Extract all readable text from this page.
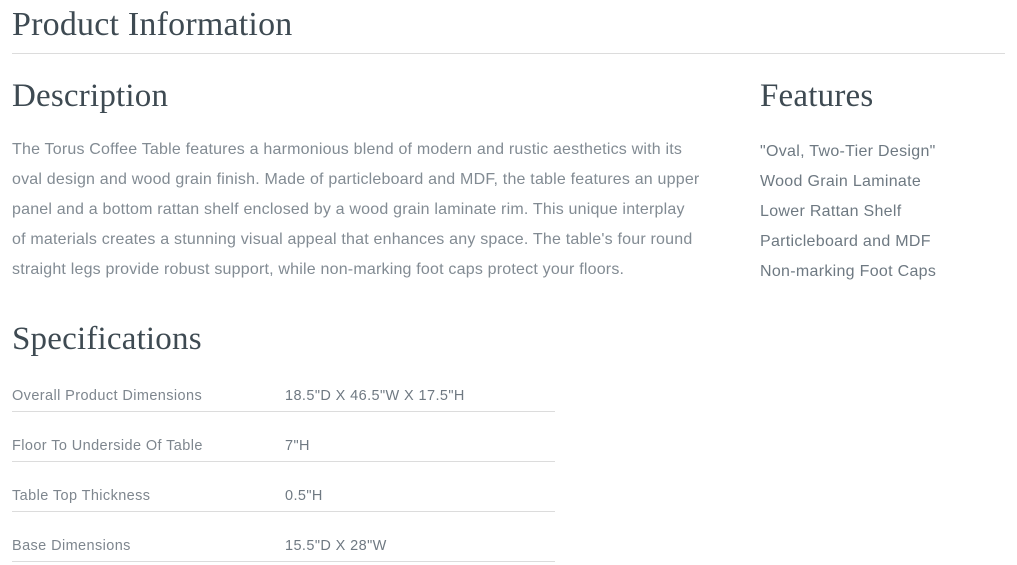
Product Information
Description

The Torus Coffee Table features a harmonious blend of modern and rustic aesthetics with its oval design and wood grain finish. Made of particleboard and MDF, the table features an upper panel and a bottom rattan shelf enclosed by a wood grain laminate rim. This unique interplay of materials creates a stunning visual appeal that enhances any space. The table's four round straight legs provide robust support, while non-marking foot caps protect your floors.

Features
"Oval, Two-Tier Design"
Wood Grain Laminate
Lower Rattan Shelf
Particleboard and MDF
Non-marking Foot Caps
Specifications
Overall Product Dimensions	18.5"D X 46.5"W X 17.5"H
Floor To Underside Of Table	7"H
Table Top Thickness	0.5"H
Base Dimensions	15.5"D X 28"W
